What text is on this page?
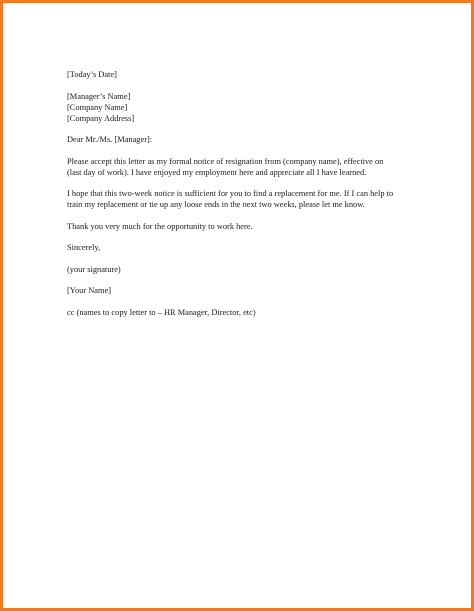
[Today’s Date]
[Manager’s Name]
[Company Name]
[Company Address]
Dear Mr./Ms. [Manager]:
Please accept this letter as my formal notice of resignation from (company name), effective on
(last day of work). I have enjoyed my employment here and appreciate all I have learned.
I hope that this two-week notice is sufficient for you to find a replacement for me. If I can help to
train my replacement or tie up any loose ends in the next two weeks, please let me know.
Thank you very much for the opportunity to work here.
Sincerely,
(your signature)
[Your Name]
cc (names to copy letter to – HR Manager, Director, etc)
